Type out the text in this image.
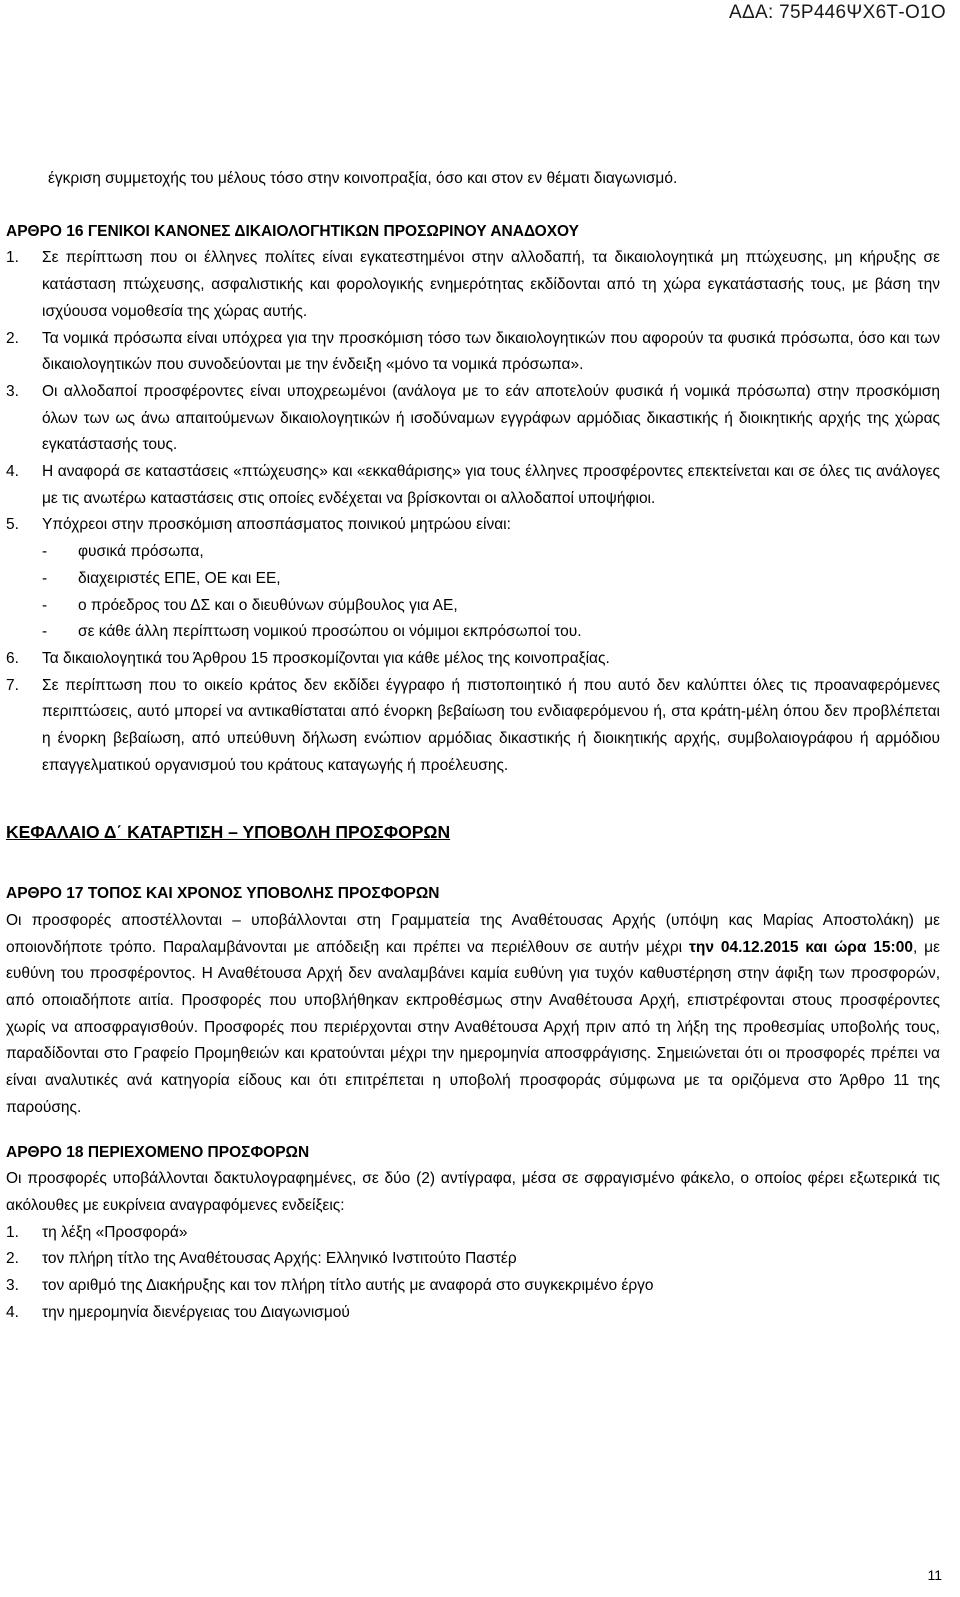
ΑΔΑ: 75Ρ446ΨΧ6Τ-Ο1Ο

έγκριση συμμετοχής του μέλους τόσο στην κοινοπραξία, όσο και στον εν θέματι διαγωνισμό.

ΑΡΘΡΟ 16 ΓΕΝΙΚΟΙ ΚΑΝΟΝΕΣ ΔΙΚΑΙΟΛΟΓΗΤΙΚΩΝ ΠΡΟΣΩΡΙΝΟΥ ΑΝΑΔΟΧΟΥ

1.	Σε περίπτωση που οι έλληνες πολίτες είναι εγκατεστημένοι στην αλλοδαπή, τα δικαιολογητικά μη πτώχευσης, μη κήρυξης σε κατάσταση πτώχευσης, ασφαλιστικής και φορολογικής ενημερότητας εκδίδονται από τη χώρα εγκατάστασής τους, με βάση την ισχύουσα νομοθεσία της χώρας αυτής.
2.	Τα νομικά πρόσωπα είναι υπόχρεα για την προσκόμιση τόσο των δικαιολογητικών που αφορούν τα φυσικά πρόσωπα, όσο και των δικαιολογητικών που συνοδεύονται με την ένδειξη «μόνο τα νομικά πρόσωπα».
3.	Οι αλλοδαποί προσφέροντες είναι υποχρεωμένοι (ανάλογα με το εάν αποτελούν φυσικά ή νομικά πρόσωπα) στην προσκόμιση όλων των ως άνω απαιτούμενων δικαιολογητικών ή ισοδύναμων εγγράφων αρμόδιας δικαστικής ή διοικητικής αρχής της χώρας εγκατάστασής τους.
4.	Η αναφορά σε καταστάσεις «πτώχευσης» και «εκκαθάρισης» για τους έλληνες προσφέροντες επεκτείνεται και σε όλες τις ανάλογες με τις ανωτέρω καταστάσεις στις οποίες ενδέχεται να βρίσκονται οι αλλοδαποί υποψήφιοι.
5.	Υπόχρεοι στην προσκόμιση αποσπάσματος ποινικού μητρώου είναι:
-	φυσικά πρόσωπα,
-	διαχειριστές ΕΠΕ, ΟΕ και ΕΕ,
-	ο πρόεδρος του ΔΣ και ο διευθύνων σύμβουλος για ΑΕ,
-	σε κάθε άλλη περίπτωση νομικού προσώπου οι νόμιμοι εκπρόσωποί του.
6.	Τα δικαιολογητικά του Άρθρου 15 προσκομίζονται για κάθε μέλος της κοινοπραξίας.
7.	Σε περίπτωση που το οικείο κράτος δεν εκδίδει έγγραφο ή πιστοποιητικό ή που αυτό δεν καλύπτει όλες τις προαναφερόμενες περιπτώσεις, αυτό μπορεί να αντικαθίσταται από ένορκη βεβαίωση του ενδιαφερόμενου ή, στα κράτη-μέλη όπου δεν προβλέπεται η ένορκη βεβαίωση, από υπεύθυνη δήλωση ενώπιον αρμόδιας δικαστικής ή διοικητικής αρχής, συμβολαιογράφου ή αρμόδιου επαγγελματικού οργανισμού του κράτους καταγωγής ή προέλευσης.

ΚΕΦΑΛΑΙΟ Δ΄ ΚΑΤΑΡΤΙΣΗ – ΥΠΟΒΟΛΗ ΠΡΟΣΦΟΡΩΝ

ΑΡΘΡΟ 17 ΤΟΠΟΣ ΚΑΙ ΧΡΟΝΟΣ ΥΠΟΒΟΛΗΣ ΠΡΟΣΦΟΡΩΝ

Οι προσφορές αποστέλλονται – υποβάλλονται στη Γραμματεία της Αναθέτουσας Αρχής (υπόψη κας Μαρίας Αποστολάκη) με οποιονδήποτε τρόπο. Παραλαμβάνονται με απόδειξη και πρέπει να περιέλθουν σε αυτήν μέχρι την 04.12.2015 και ώρα 15:00, με ευθύνη του προσφέροντος. Η Αναθέτουσα Αρχή δεν αναλαμβάνει καμία ευθύνη για τυχόν καθυστέρηση στην άφιξη των προσφορών, από οποιαδήποτε αιτία. Προσφορές που υποβλήθηκαν εκπροθέσμως στην Αναθέτουσα Αρχή, επιστρέφονται στους προσφέροντες χωρίς να αποσφραγισθούν. Προσφορές που περιέρχονται στην Αναθέτουσα Αρχή πριν από τη λήξη της προθεσμίας υποβολής τους, παραδίδονται στο Γραφείο Προμηθειών και κρατούνται μέχρι την ημερομηνία αποσφράγισης. Σημειώνεται ότι οι προσφορές πρέπει να είναι αναλυτικές ανά κατηγορία είδους και ότι επιτρέπεται η υποβολή προσφοράς σύμφωνα με τα οριζόμενα στο Άρθρο 11 της παρούσης.

ΑΡΘΡΟ 18 ΠΕΡΙΕΧΟΜΕΝΟ ΠΡΟΣΦΟΡΩΝ

Οι προσφορές υποβάλλονται δακτυλογραφημένες, σε δύο (2) αντίγραφα, μέσα σε σφραγισμένο φάκελο, ο οποίος φέρει εξωτερικά τις ακόλουθες με ευκρίνεια αναγραφόμενες ενδείξεις:

1.	τη λέξη «Προσφορά»
2.	τον πλήρη τίτλο της Αναθέτουσας Αρχής: Ελληνικό Ινστιτούτο Παστέρ
3.	τον αριθμό της Διακήρυξης και τον πλήρη τίτλο αυτής με αναφορά στο συγκεκριμένο έργο
4.	την ημερομηνία διενέργειας του Διαγωνισμού
11
